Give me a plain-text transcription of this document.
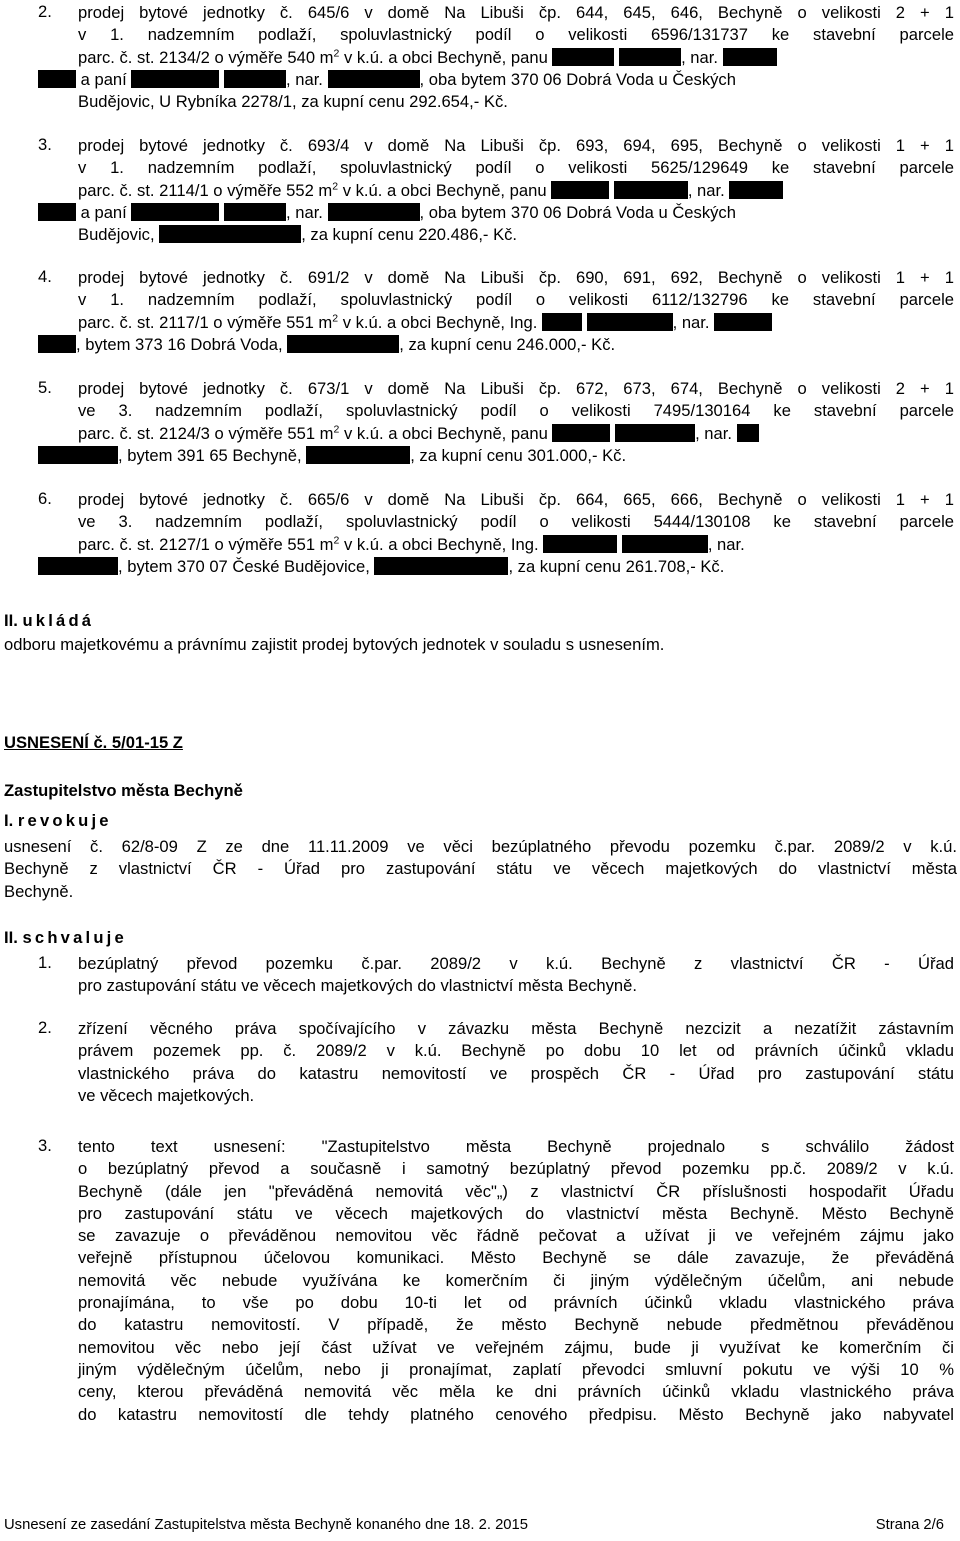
2.	prodej bytové jednotky č. 645/6 v domě Na Libuši čp. 644, 645, 646, Bechyně o velikosti 2 + 1
v 1. nadzemním podlaží, spoluvlastnický podíl o velikosti 6596/131737 ke stavební parcele
parc. č. st. 2134/2 o výměře 540 $m^2$ v k.ú. a obci Bechyně, panu	, nar.
a paní	, nar.	, oba bytem 370 06 Dobrá Voda u Českých
Budějovic, U Rybníka 2278/1, za kupní cenu 292.654,- Kč.
3.	prodej bytové jednotky č. 693/4 v domě Na Libuši čp. 693, 694, 695, Bechyně o velikosti 1 + 1
v 1. nadzemním podlaží, spoluvlastnický podíl o velikosti 5625/129649 ke stavební parcele
parc. č. st. 2114/1 o výměře 552 $m^2$ v k.ú. a obci Bechyně, panu	, nar.
a paní	, nar.	, oba bytem 370 06 Dobrá Voda u Českých
Budějovic,	, za kupní cenu 220.486,- Kč.
4.	prodej bytové jednotky č. 691/2 v domě Na Libuši čp. 690, 691, 692, Bechyně o velikosti 1 + 1
v 1. nadzemním podlaží, spoluvlastnický podíl o velikosti 6112/132796 ke stavební parcele
parc. č. st. 2117/1 o výměře 551 $m^2$ v k.ú. a obci Bechyně, Ing.	, nar.
, bytem 373 16 Dobrá Voda,	, za kupní cenu 246.000,- Kč.
5.	prodej bytové jednotky č. 673/1 v domě Na Libuši čp. 672, 673, 674, Bechyně o velikosti 2 + 1
ve 3. nadzemním podlaží, spoluvlastnický podíl o velikosti 7495/130164 ke stavební parcele
parc. č. st. 2124/3 o výměře 551 $m^2$ v k.ú. a obci Bechyně, panu	, nar.
, bytem 391 65 Bechyně,	, za kupní cenu 301.000,- Kč.
6.	prodej bytové jednotky č. 665/6 v domě Na Libuši čp. 664, 665, 666, Bechyně o velikosti 1 + 1
ve 3. nadzemním podlaží, spoluvlastnický podíl o velikosti 5444/130108 ke stavební parcele
parc. č. st. 2127/1 o výměře 551 $m^2$ v k.ú. a obci Bechyně, Ing.	, nar.
, bytem 370 07 České Budějovice,	, za kupní cenu 261.708,- Kč.
II. ukládá
odboru majetkovému a právnímu zajistit prodej bytových jednotek v souladu s usnesením.
USNESENÍ č. 5/01-15 Z
Zastupitelstvo města Bechyně
I. revokuje
usnesení č. 62/8-09 Z ze dne 11.11.2009 ve věci bezúplatného převodu pozemku č.par. 2089/2 v k.ú.
Bechyně z vlastnictví ČR - Úřad pro zastupování státu ve věcech majetkových do vlastnictví města
Bechyně.
II. schvaluje
1.	bezúplatný převod pozemku č.par. 2089/2 v k.ú. Bechyně z vlastnictví ČR - Úřad
pro zastupování státu ve věcech majetkových do vlastnictví města Bechyně.
2.	zřízení věcného práva spočívajícího v závazku města Bechyně nezcizit a nezatížit zástavním
právem pozemek pp. č. 2089/2 v k.ú. Bechyně po dobu 10 let od právních účinků vkladu
vlastnického práva do katastru nemovitostí ve prospěch ČR - Úřad pro zastupování státu
ve věcech majetkových.
3.	tento text usnesení: "Zastupitelstvo města Bechyně projednalo s schválilo žádost
o bezúplatný převod a současně i samotný bezúplatný převod pozemku pp.č. 2089/2 v k.ú.
Bechyně (dále jen "převáděná nemovitá věc"„) z vlastnictví ČR příslušnosti hospodařit Úřadu
pro zastupování státu ve věcech majetkových do vlastnictví města Bechyně. Město Bechyně
se zavazuje o převáděnou nemovitou věc řádně pečovat a užívat ji ve veřejném zájmu jako
veřejně přístupnou účelovou komunikaci. Město Bechyně se dále zavazuje, že převáděná
nemovitá věc nebude využívána ke komerčním či jiným výdělečným účelům, ani nebude
pronajímána, to vše po dobu 10-ti let od právních účinků vkladu vlastnického práva
do katastru nemovitostí. V případě, že město Bechyně nebude předmětnou převáděnou
nemovitou věc nebo její část užívat ve veřejném zájmu, bude ji využívat ke komerčním či
jiným výdělečným účelům, nebo ji pronajímat, zaplatí převodci smluvní pokutu ve výši 10 %
ceny, kterou převáděná nemovitá věc měla ke dni právních účinků vkladu vlastnického práva
do katastru nemovitostí dle tehdy platného cenového předpisu. Město Bechyně jako nabyvatel
Usnesení ze zasedání Zastupitelstva města Bechyně konaného dne 18. 2. 2015	Strana 2/6
